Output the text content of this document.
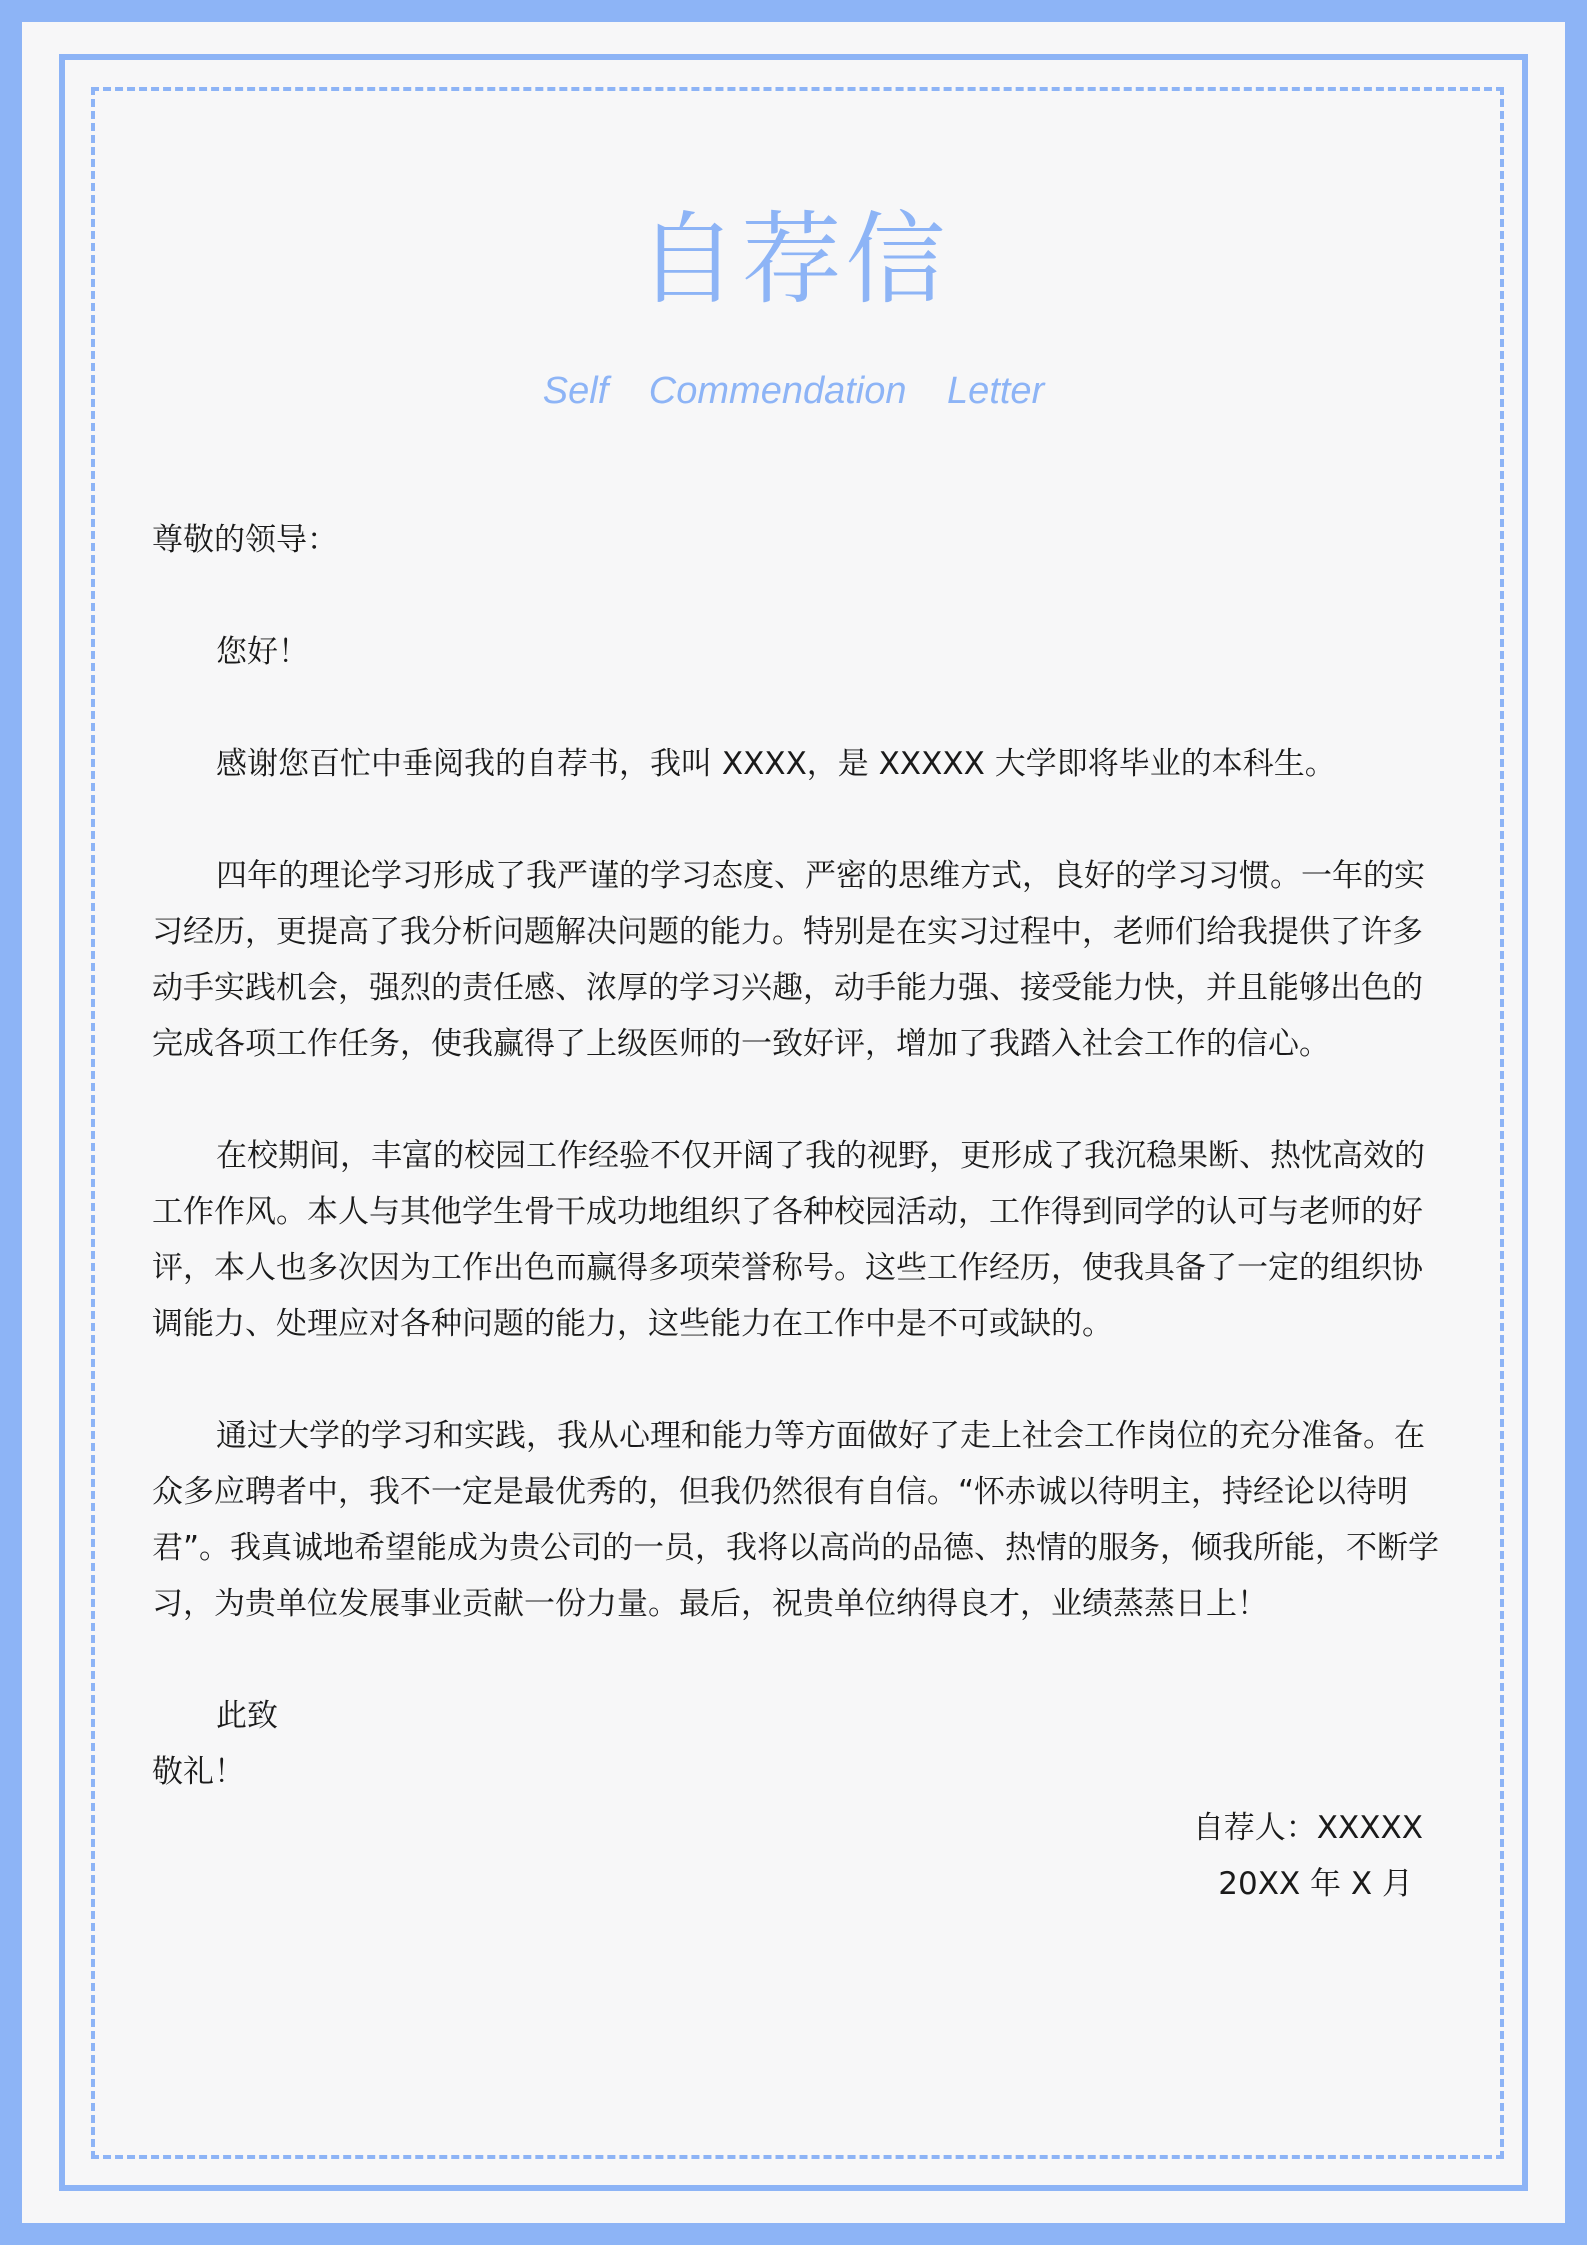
自荐信
Self Commendation Letter

尊敬的领导：

您好！

感谢您百忙中垂阅我的自荐书，我叫 XXXX，是 XXXXX 大学即将毕业的本科生。

四年的理论学习形成了我严谨的学习态度、严密的思维方式，良好的学习习惯。一年的实习经历，更提高了我分析问题解决问题的能力。特别是在实习过程中，老师们给我提供了许多动手实践机会，强烈的责任感、浓厚的学习兴趣，动手能力强、接受能力快，并且能够出色的完成各项工作任务，使我赢得了上级医师的一致好评，增加了我踏入社会工作的信心。

在校期间，丰富的校园工作经验不仅开阔了我的视野，更形成了我沉稳果断、热忱高效的工作作风。本人与其他学生骨干成功地组织了各种校园活动，工作得到同学的认可与老师的好评，本人也多次因为工作出色而赢得多项荣誉称号。这些工作经历，使我具备了一定的组织协调能力、处理应对各种问题的能力，这些能力在工作中是不可或缺的。

通过大学的学习和实践，我从心理和能力等方面做好了走上社会工作岗位的充分准备。在众多应聘者中，我不一定是最优秀的，但我仍然很有自信。“怀赤诚以待明主，持经论以待明君”。我真诚地希望能成为贵公司的一员，我将以高尚的品德、热情的服务，倾我所能，不断学习，为贵单位发展事业贡献一份力量。最后，祝贵单位纳得良才，业绩蒸蒸日上！

此致

敬礼！

自荐人：XXXXX
20XX 年 X 月
